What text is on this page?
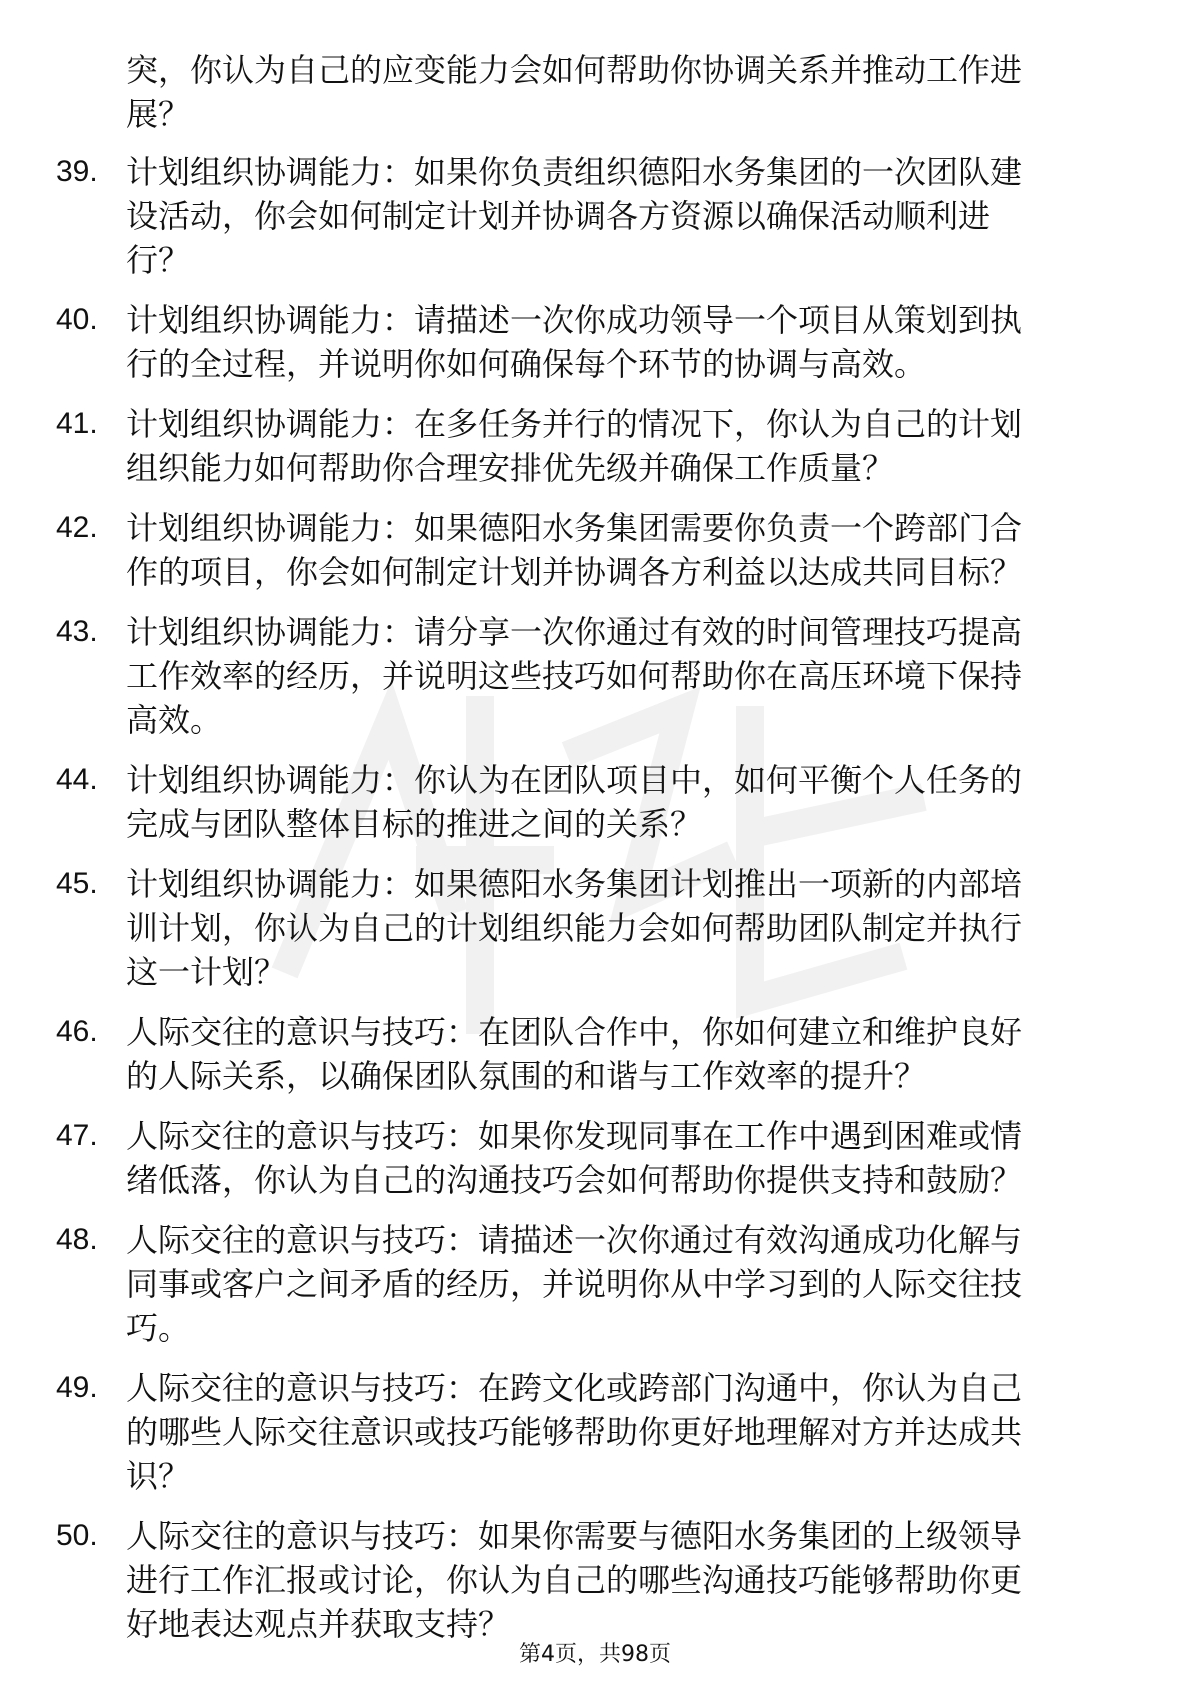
突，你认为自己的应变能力会如何帮助你协调关系并推动工作进
展？

39. 计划组织协调能力：如果你负责组织德阳水务集团的一次团队建
设活动，你会如何制定计划并协调各方资源以确保活动顺利进
行？
40. 计划组织协调能力：请描述一次你成功领导一个项目从策划到执
行的全过程，并说明你如何确保每个环节的协调与高效。
41. 计划组织协调能力：在多任务并行的情况下，你认为自己的计划
组织能力如何帮助你合理安排优先级并确保工作质量？
42. 计划组织协调能力：如果德阳水务集团需要你负责一个跨部门合
作的项目，你会如何制定计划并协调各方利益以达成共同目标？
43. 计划组织协调能力：请分享一次你通过有效的时间管理技巧提高
工作效率的经历，并说明这些技巧如何帮助你在高压环境下保持
高效。
44. 计划组织协调能力：你认为在团队项目中，如何平衡个人任务的
完成与团队整体目标的推进之间的关系？
45. 计划组织协调能力：如果德阳水务集团计划推出一项新的内部培
训计划，你认为自己的计划组织能力会如何帮助团队制定并执行
这一计划？
46. 人际交往的意识与技巧：在团队合作中，你如何建立和维护良好
的人际关系，以确保团队氛围的和谐与工作效率的提升？
47. 人际交往的意识与技巧：如果你发现同事在工作中遇到困难或情
绪低落，你认为自己的沟通技巧会如何帮助你提供支持和鼓励？
48. 人际交往的意识与技巧：请描述一次你通过有效沟通成功化解与
同事或客户之间矛盾的经历，并说明你从中学习到的人际交往技
巧。
49. 人际交往的意识与技巧：在跨文化或跨部门沟通中，你认为自己
的哪些人际交往意识或技巧能够帮助你更好地理解对方并达成共
识？
50. 人际交往的意识与技巧：如果你需要与德阳水务集团的上级领导
进行工作汇报或讨论，你认为自己的哪些沟通技巧能够帮助你更
好地表达观点并获取支持？
第4页，共98页
